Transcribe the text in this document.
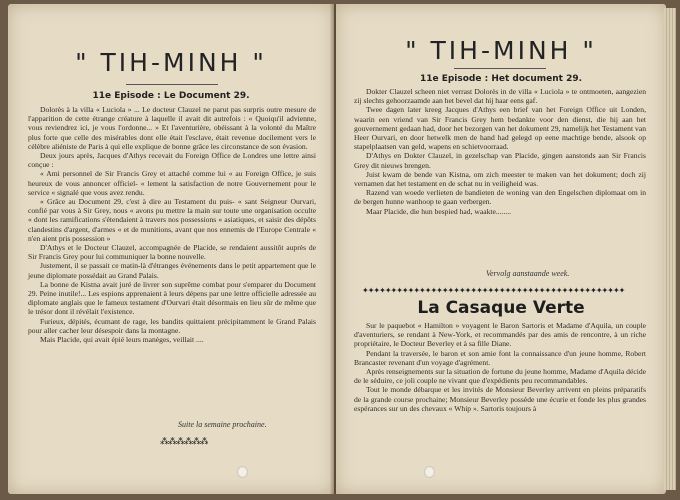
" TIH-MINH "
11e Episode : Le Document 29.

Dolorès à la villa « Luciola » ... Le docteur Clauzel ne parut pas surpris outre mesure de l'apparition de cette étrange créature à laquelle il avait dit autrefois : « Quoiqu'il advienne, vous reviendrez ici, je vous l'ordonne... » Et l'aventurière, obéissant à la volonté du Maître plus forte que celle des misérables dont elle était l'esclave, était revenue docilement vers le célèbre aliéniste de Paris à qui elle explique de bonne grâce les circonstance de son évasion.

Deux jours après, Jacques d'Athys recevait du Foreign Office de Londres une lettre ainsi conçue :

« Ami personnel de Sir Francis Grey et attaché comme lui « au Foreign Office, je suis heureux de vous annoncer officiel- « lement la satisfaction de notre Gouvernement pour le service « signalé que vous avez rendu.

« Grâce au Document 29, c'est à dire au Testament du puis- « sant Seigneur Ourvari, confié par vous à Sir Grey, nous « avons pu mettre la main sur toute une organisation occulte « dont les ramifications s'étendaient à travers nos possessions « asiatiques, et saisir des dépôts clandestins d'argent, d'armes « et de munitions, avant que nos ennemis de l'Europe Centrale « n'en aient pris possession »

D'Athys et le Docteur Clauzel, accompagnée de Placide, se rendaient aussitôt auprès de Sir Francis Grey pour lui communiquer la bonne nouvelle.

Justement, il se passait ce matin-là d'étranges événements dans le petit appartement que le jeune diplomate possédait au Grand Palais.

La bonne de Kistna avait juré de livrer son suprême combat pour s'emparer du Document 29. Peine inutile!... Les espions apprenaient à leurs dépens par une lettre officielle adressée au diplomate anglais que le fameux testament d'Ourvari était désormais en lieu sûr de même que le trésor dont il révélait l'existence.

Furieux, dépités, écumant de rage, les bandits quittaient précipitamment le Grand Palais pour aller cacher leur désespoir dans la montagne.

Mais Placide, qui avait épié leurs manèges, veillait ....

Suite la semaine prochaine.
⁂⁂⁂⁂⁂⁂
" TIH-MINH "
11e Episode : Het document 29.

Dokter Clauzel scheen niet verrast Dolorès in de villa « Luciola » te ontmoeten, aangezien zij slechts gehoorzaamde aan het bevel dat hij haar eens gaf.

Twee dagen later kreeg Jacques d'Athys een brief van het Foreign Office uit Londen, waarin een vriend van Sir Francis Grey hem bedankte voor den dienst, die hij aan het gouvernement gedaan had, door het bezorgen van het dokument 29, namelijk het Testament van Heer Ourvari, en door hetwelk men de hand had gelegd op eene machtige bende, alsook op stapelplaatsen van geld, wapens en schietvoorraad.

D'Athys en Dokter Clauzel, in gezelschap van Placide, gingen aanstonds aan Sir Francis Grey dit nieuws brengen.

Juist kwam de bende van Kistna, om zich meester te maken van het dokument; doch zij vernamen dat het testament en de schat nu in veiligheid was.

Razend van woede verlieten de bandieten de woning van den Engelschen diplomaat om in de bergen hunne wanhoop te gaan verbergen.

Maar Placide, die hun bespied had, waakte........

Vervolg aanstaande week.
✦✦✦✦✦✦✦✦✦✦✦✦✦✦✦✦✦✦✦✦✦✦✦✦✦✦✦✦✦✦✦✦✦✦✦✦✦✦✦✦✦✦✦✦✦✦
La Casaque Verte

Sur le paquebot « Hamilton » voyagent le Baron Sartoris et Madame d'Aquila, un couple d'aventuriers, se rendant à New-York, et recommandés par des amis de rencontre, à un riche propriétaire, le Docteur Beverley et à sa fille Diane.

Pendant la traversée, le baron et son amie font la connaissance d'un jeune homme, Robert Brancaster revenant d'un voyage d'agrément.

Après renseignements sur la situation de fortune du jeune homme, Madame d'Aquila décide de le séduire, ce joli couple ne vivant que d'expédients peu recommandables.

Tout le monde débarque et les invités de Monsieur Beverley arrivent en pleins préparatifs de la grande course prochaine; Monsieur Beverley possède une écurie et fonde les plus grandes espérances sur un des chevaux « Whip ». Sartoris toujours à
